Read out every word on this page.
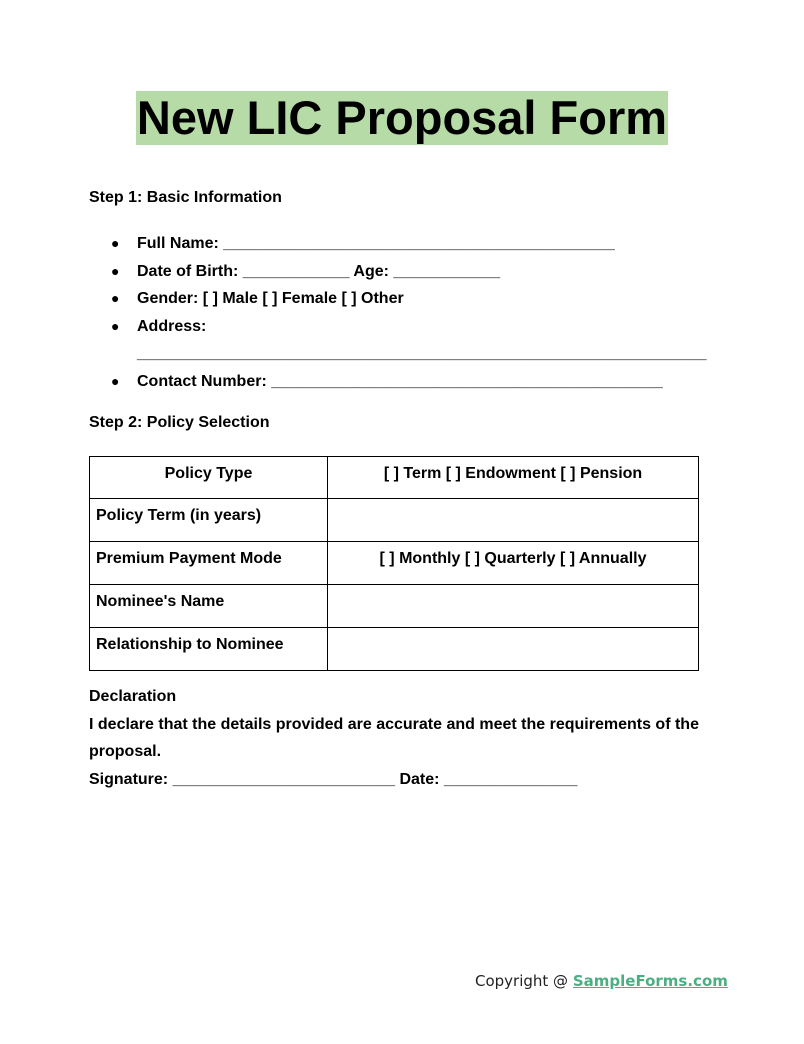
New LIC Proposal Form
Step 1: Basic Information
● Full Name: ____________________________________________
● Date of Birth: ____________ Age: ____________
● Gender: [ ] Male [ ] Female [ ] Other
● Address:
________________________________________________________________
● Contact Number: ____________________________________________
Step 2: Policy Selection
Policy Type	[ ] Term [ ] Endowment [ ] Pension
Policy Term (in years)	
Premium Payment Mode	[ ] Monthly [ ] Quarterly [ ] Annually
Nominee's Name	
Relationship to Nominee	
Declaration
I declare that the details provided are accurate and meet the requirements of the proposal.
Signature: _________________________ Date: _______________
Copyright @ SampleForms.com
